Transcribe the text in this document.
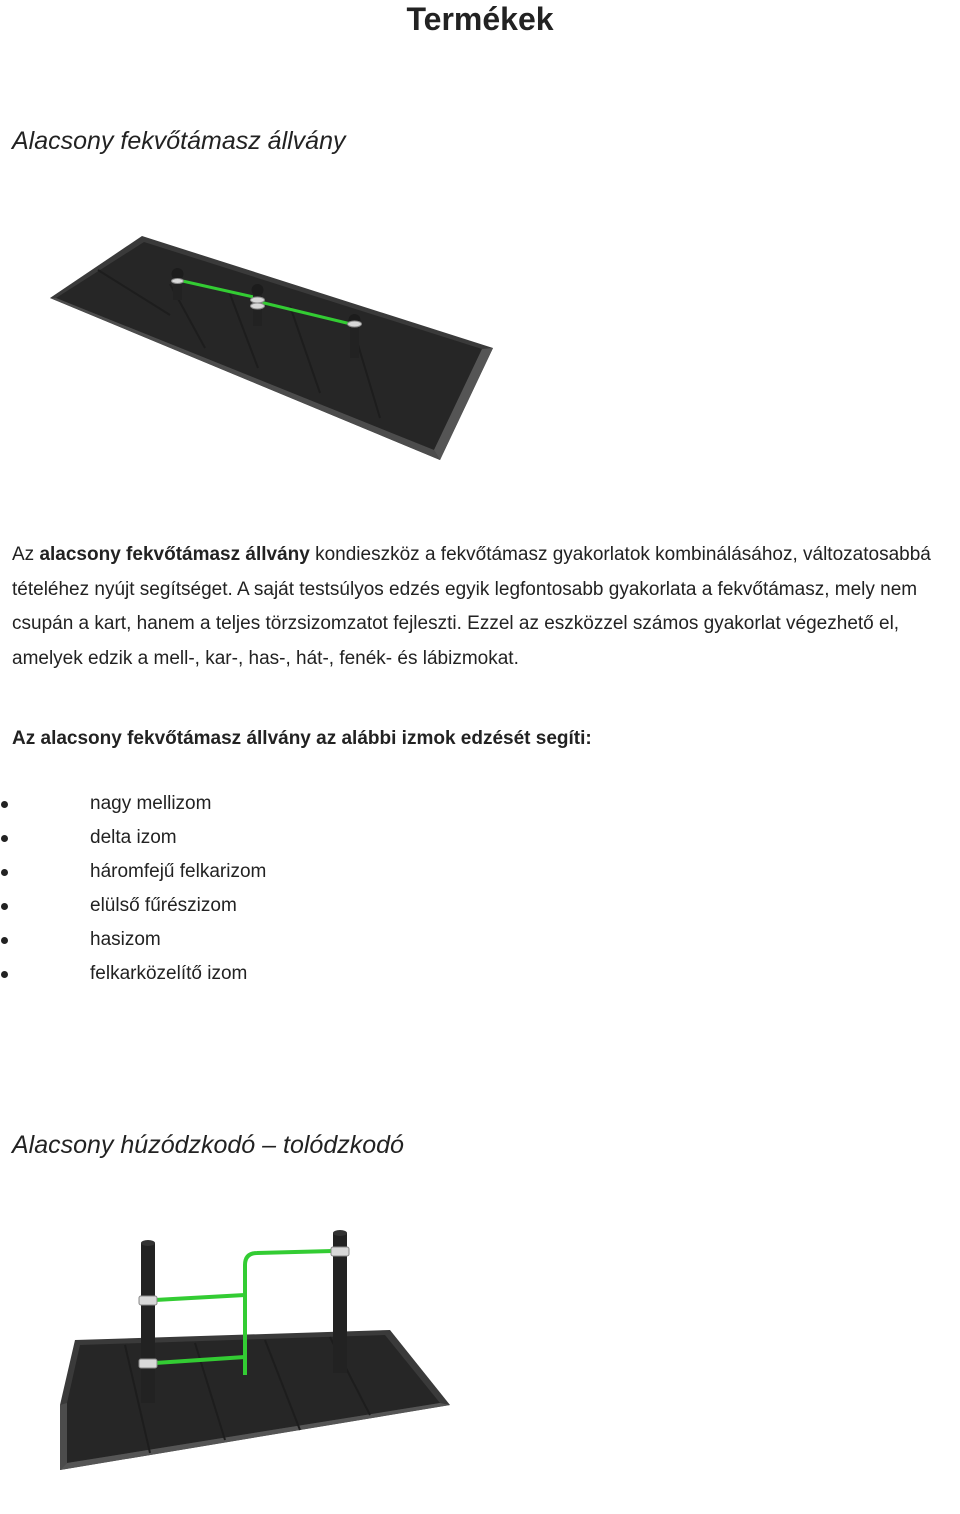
Termékek
Alacsony fekvőtámasz állvány

Az alacsony fekvőtámasz állvány kondieszköz a fekvőtámasz gyakorlatok kombinálásához, változatosabbá tételéhez nyújt segítséget. A saját testsúlyos edzés egyik legfontosabb gyakorlata a fekvőtámasz, mely nem csupán a kart, hanem a teljes törzsizomzatot fejleszti. Ezzel az eszközzel számos gyakorlat végezhető el, amelyek edzik a mell-, kar-, has-, hát-, fenék- és lábizmokat.

Az alacsony fekvőtámasz állvány az alábbi izmok edzését segíti:
nagy mellizom
delta izom
háromfejű felkarizom
elülső fűrészizom
hasizom
felkarközelítő izom
Alacsony húzódzkodó – tolódzkodó
